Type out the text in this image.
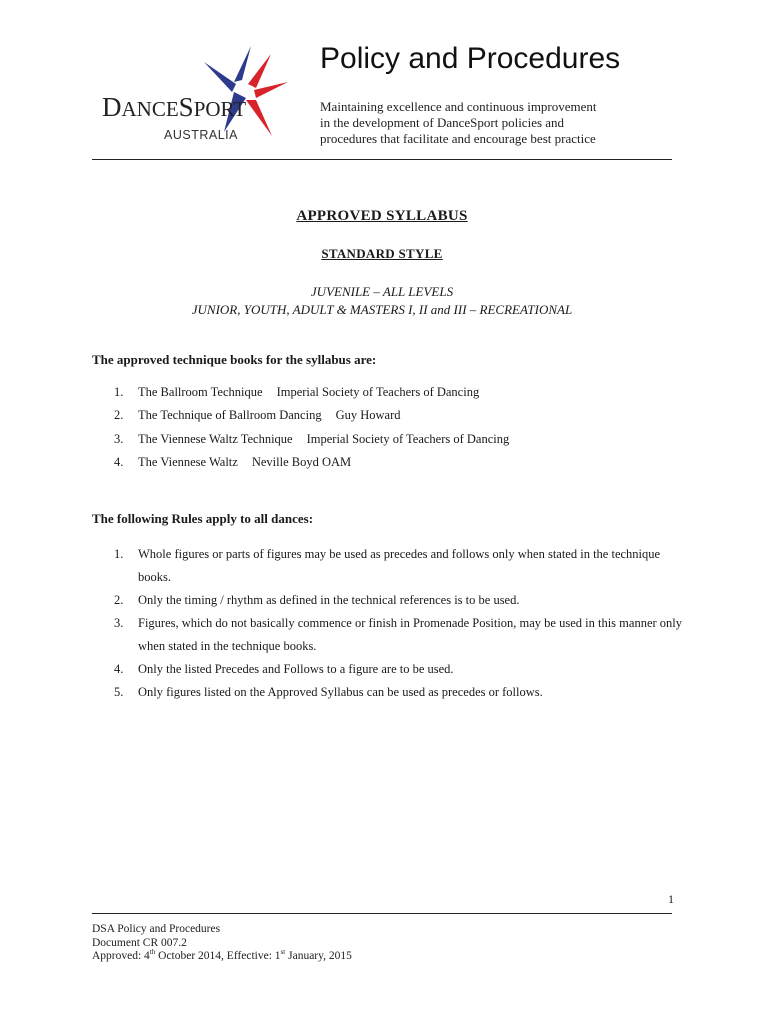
DANCESPORT
AUSTRALIA
Policy and Procedures
Maintaining excellence and continuous improvement
in the development of DanceSport policies and
procedures that facilitate and encourage best practice
APPROVED SYLLABUS
STANDARD STYLE
JUVENILE – ALL LEVELS
JUNIOR, YOUTH, ADULT & MASTERS I, II and III – RECREATIONAL
The approved technique books for the syllabus are:
1. The Ballroom Technique Imperial Society of Teachers of Dancing
2. The Technique of Ballroom Dancing Guy Howard
3. The Viennese Waltz Technique Imperial Society of Teachers of Dancing
4. The Viennese Waltz Neville Boyd OAM
The following Rules apply to all dances:
1. Whole figures or parts of figures may be used as precedes and follows only when stated in the technique books.
2. Only the timing / rhythm as defined in the technical references is to be used.
3. Figures, which do not basically commence or finish in Promenade Position, may be used in this manner only when stated in the technique books.
4. Only the listed Precedes and Follows to a figure are to be used.
5. Only figures listed on the Approved Syllabus can be used as precedes or follows.
1
DSA Policy and Procedures
Document CR 007.2
Approved: 4th October 2014, Effective: 1st January, 2015
